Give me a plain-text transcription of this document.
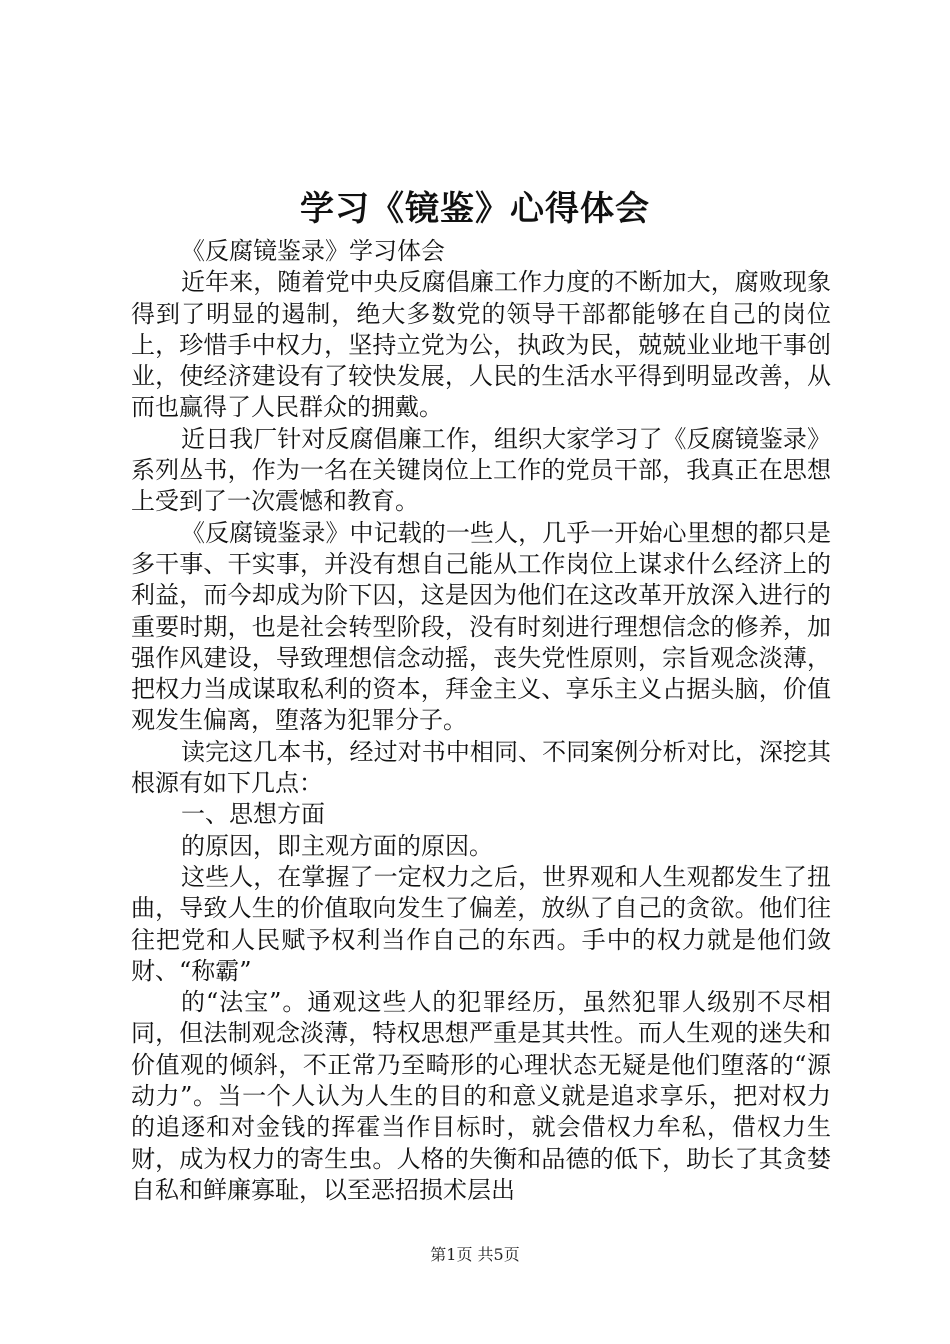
学习《镜鉴》心得体会

《反腐镜鉴录》学习体会

近年来，随着党中央反腐倡廉工作力度的不断加大，腐败现象得到了明显的遏制，绝大多数党的领导干部都能够在自己的岗位上，珍惜手中权力，坚持立党为公，执政为民，兢兢业业地干事创业，使经济建设有了较快发展，人民的生活水平得到明显改善，从而也赢得了人民群众的拥戴。

近日我厂针对反腐倡廉工作，组织大家学习了《反腐镜鉴录》系列丛书，作为一名在关键岗位上工作的党员干部，我真正在思想上受到了一次震憾和教育。

《反腐镜鉴录》中记载的一些人，几乎一开始心里想的都只是多干事、干实事，并没有想自己能从工作岗位上谋求什么经济上的利益，而今却成为阶下囚，这是因为他们在这改革开放深入进行的重要时期，也是社会转型阶段，没有时刻进行理想信念的修养，加强作风建设，导致理想信念动摇，丧失党性原则，宗旨观念淡薄，把权力当成谋取私利的资本，拜金主义、享乐主义占据头脑，价值观发生偏离，堕落为犯罪分子。

读完这几本书，经过对书中相同、不同案例分析对比，深挖其根源有如下几点：

一、思想方面

的原因，即主观方面的原因。

这些人，在掌握了一定权力之后，世界观和人生观都发生了扭曲，导致人生的价值取向发生了偏差，放纵了自己的贪欲。他们往往把党和人民赋予权利当作自己的东西。手中的权力就是他们敛财、“称霸”

的“法宝”。通观这些人的犯罪经历，虽然犯罪人级别不尽相同，但法制观念淡薄，特权思想严重是其共性。而人生观的迷失和价值观的倾斜，不正常乃至畸形的心理状态无疑是他们堕落的“源动力”。当一个人认为人生的目的和意义就是追求享乐，把对权力的追逐和对金钱的挥霍当作目标时，就会借权力牟私，借权力生财，成为权力的寄生虫。人格的失衡和品德的低下，助长了其贪婪自私和鲜廉寡耻，以至恶招损术层出

第1页 共5页
